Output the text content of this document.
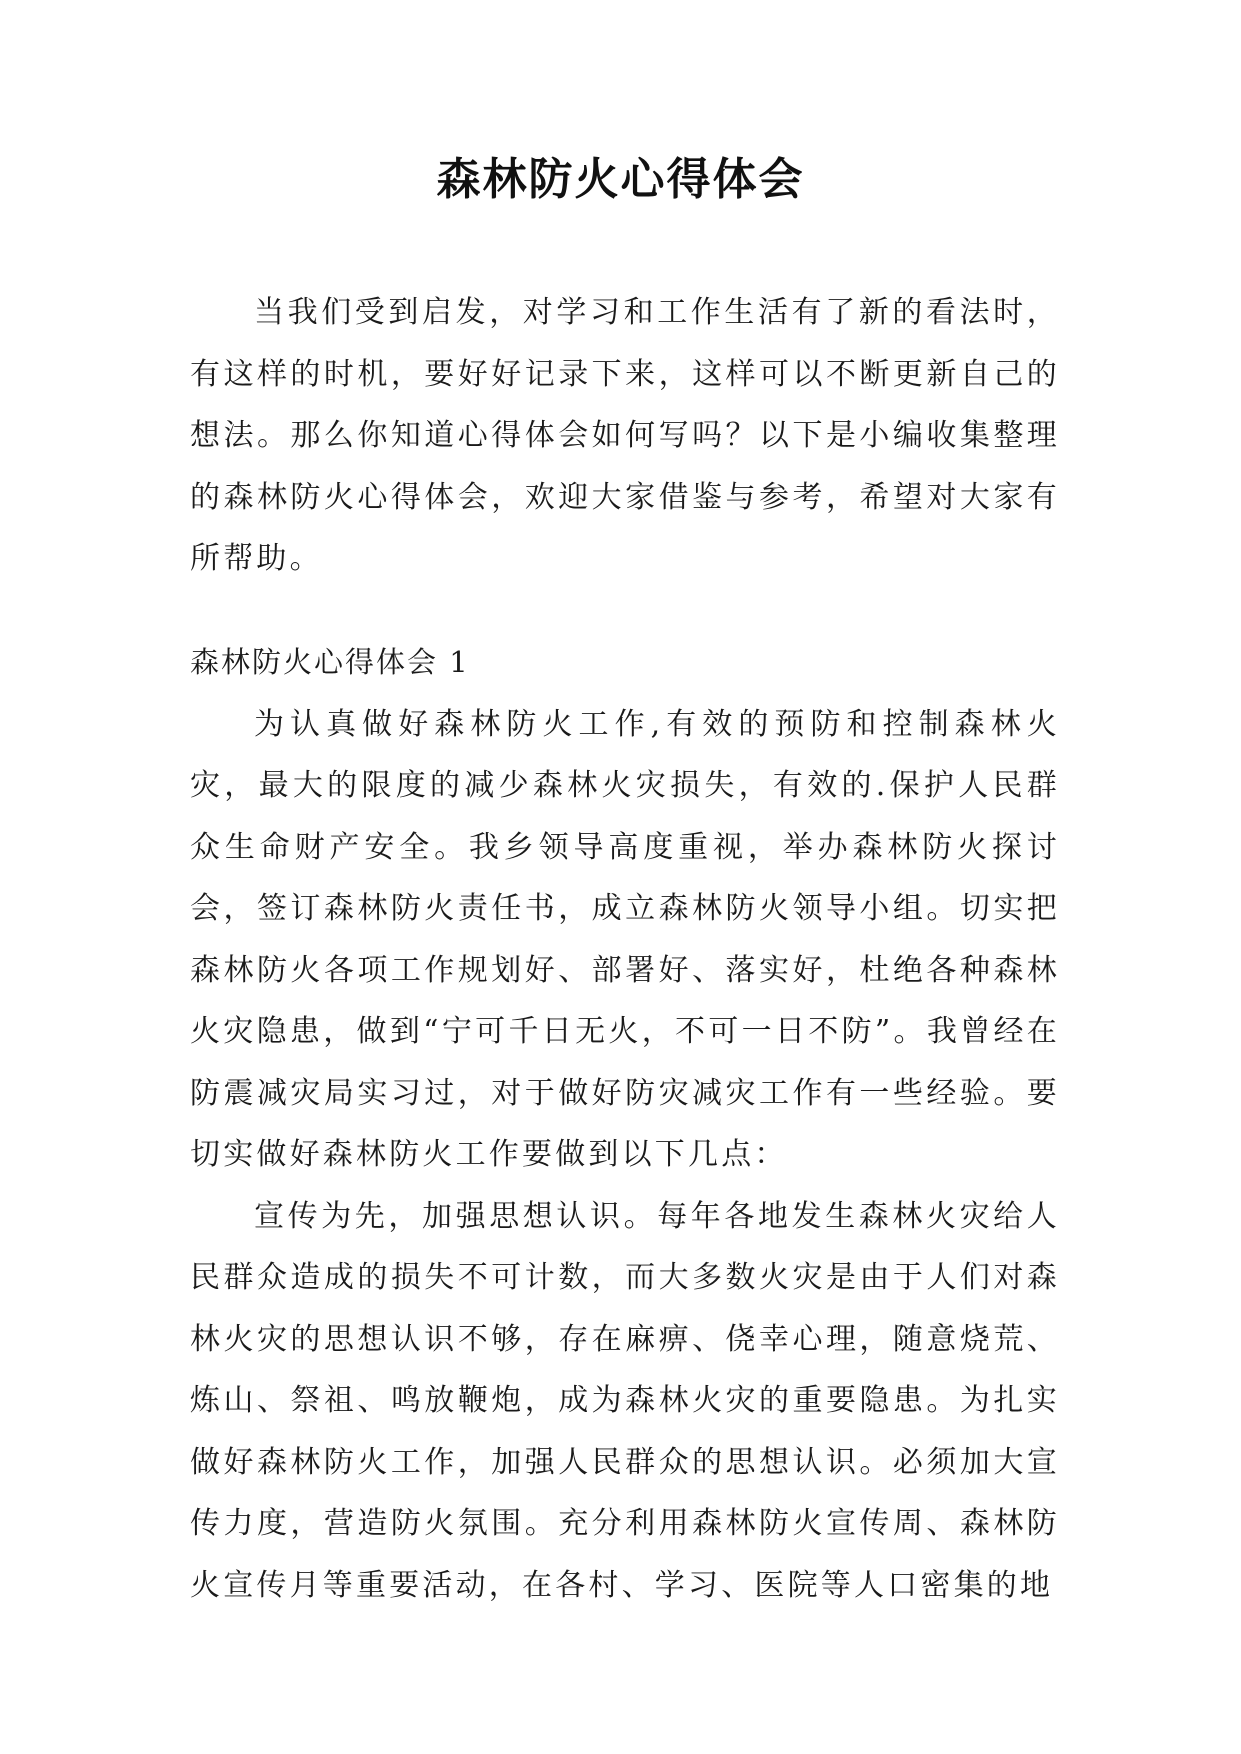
森林防火心得体会

当我们受到启发，对学习和工作生活有了新的看法时，有这样的时机，要好好记录下来，这样可以不断更新自己的想法。那么你知道心得体会如何写吗？以下是小编收集整理的森林防火心得体会，欢迎大家借鉴与参考，希望对大家有所帮助。

森林防火心得体会 1

为认真做好森林防火工作,有效的预防和控制森林火灾，最大的限度的减少森林火灾损失，有效的.保护人民群众生命财产安全。我乡领导高度重视，举办森林防火探讨会，签订森林防火责任书，成立森林防火领导小组。切实把森林防火各项工作规划好、部署好、落实好，杜绝各种森林火灾隐患，做到“宁可千日无火，不可一日不防”。我曾经在防震减灾局实习过，对于做好防灾减灾工作有一些经验。要切实做好森林防火工作要做到以下几点：

宣传为先，加强思想认识。每年各地发生森林火灾给人民群众造成的损失不可计数，而大多数火灾是由于人们对森林火灾的思想认识不够，存在麻痹、侥幸心理，随意烧荒、炼山、祭祖、鸣放鞭炮，成为森林火灾的重要隐患。为扎实做好森林防火工作，加强人民群众的思想认识。必须加大宣传力度，营造防火氛围。充分利用森林防火宣传周、森林防火宣传月等重要活动，在各村、学习、医院等人口密集的地
